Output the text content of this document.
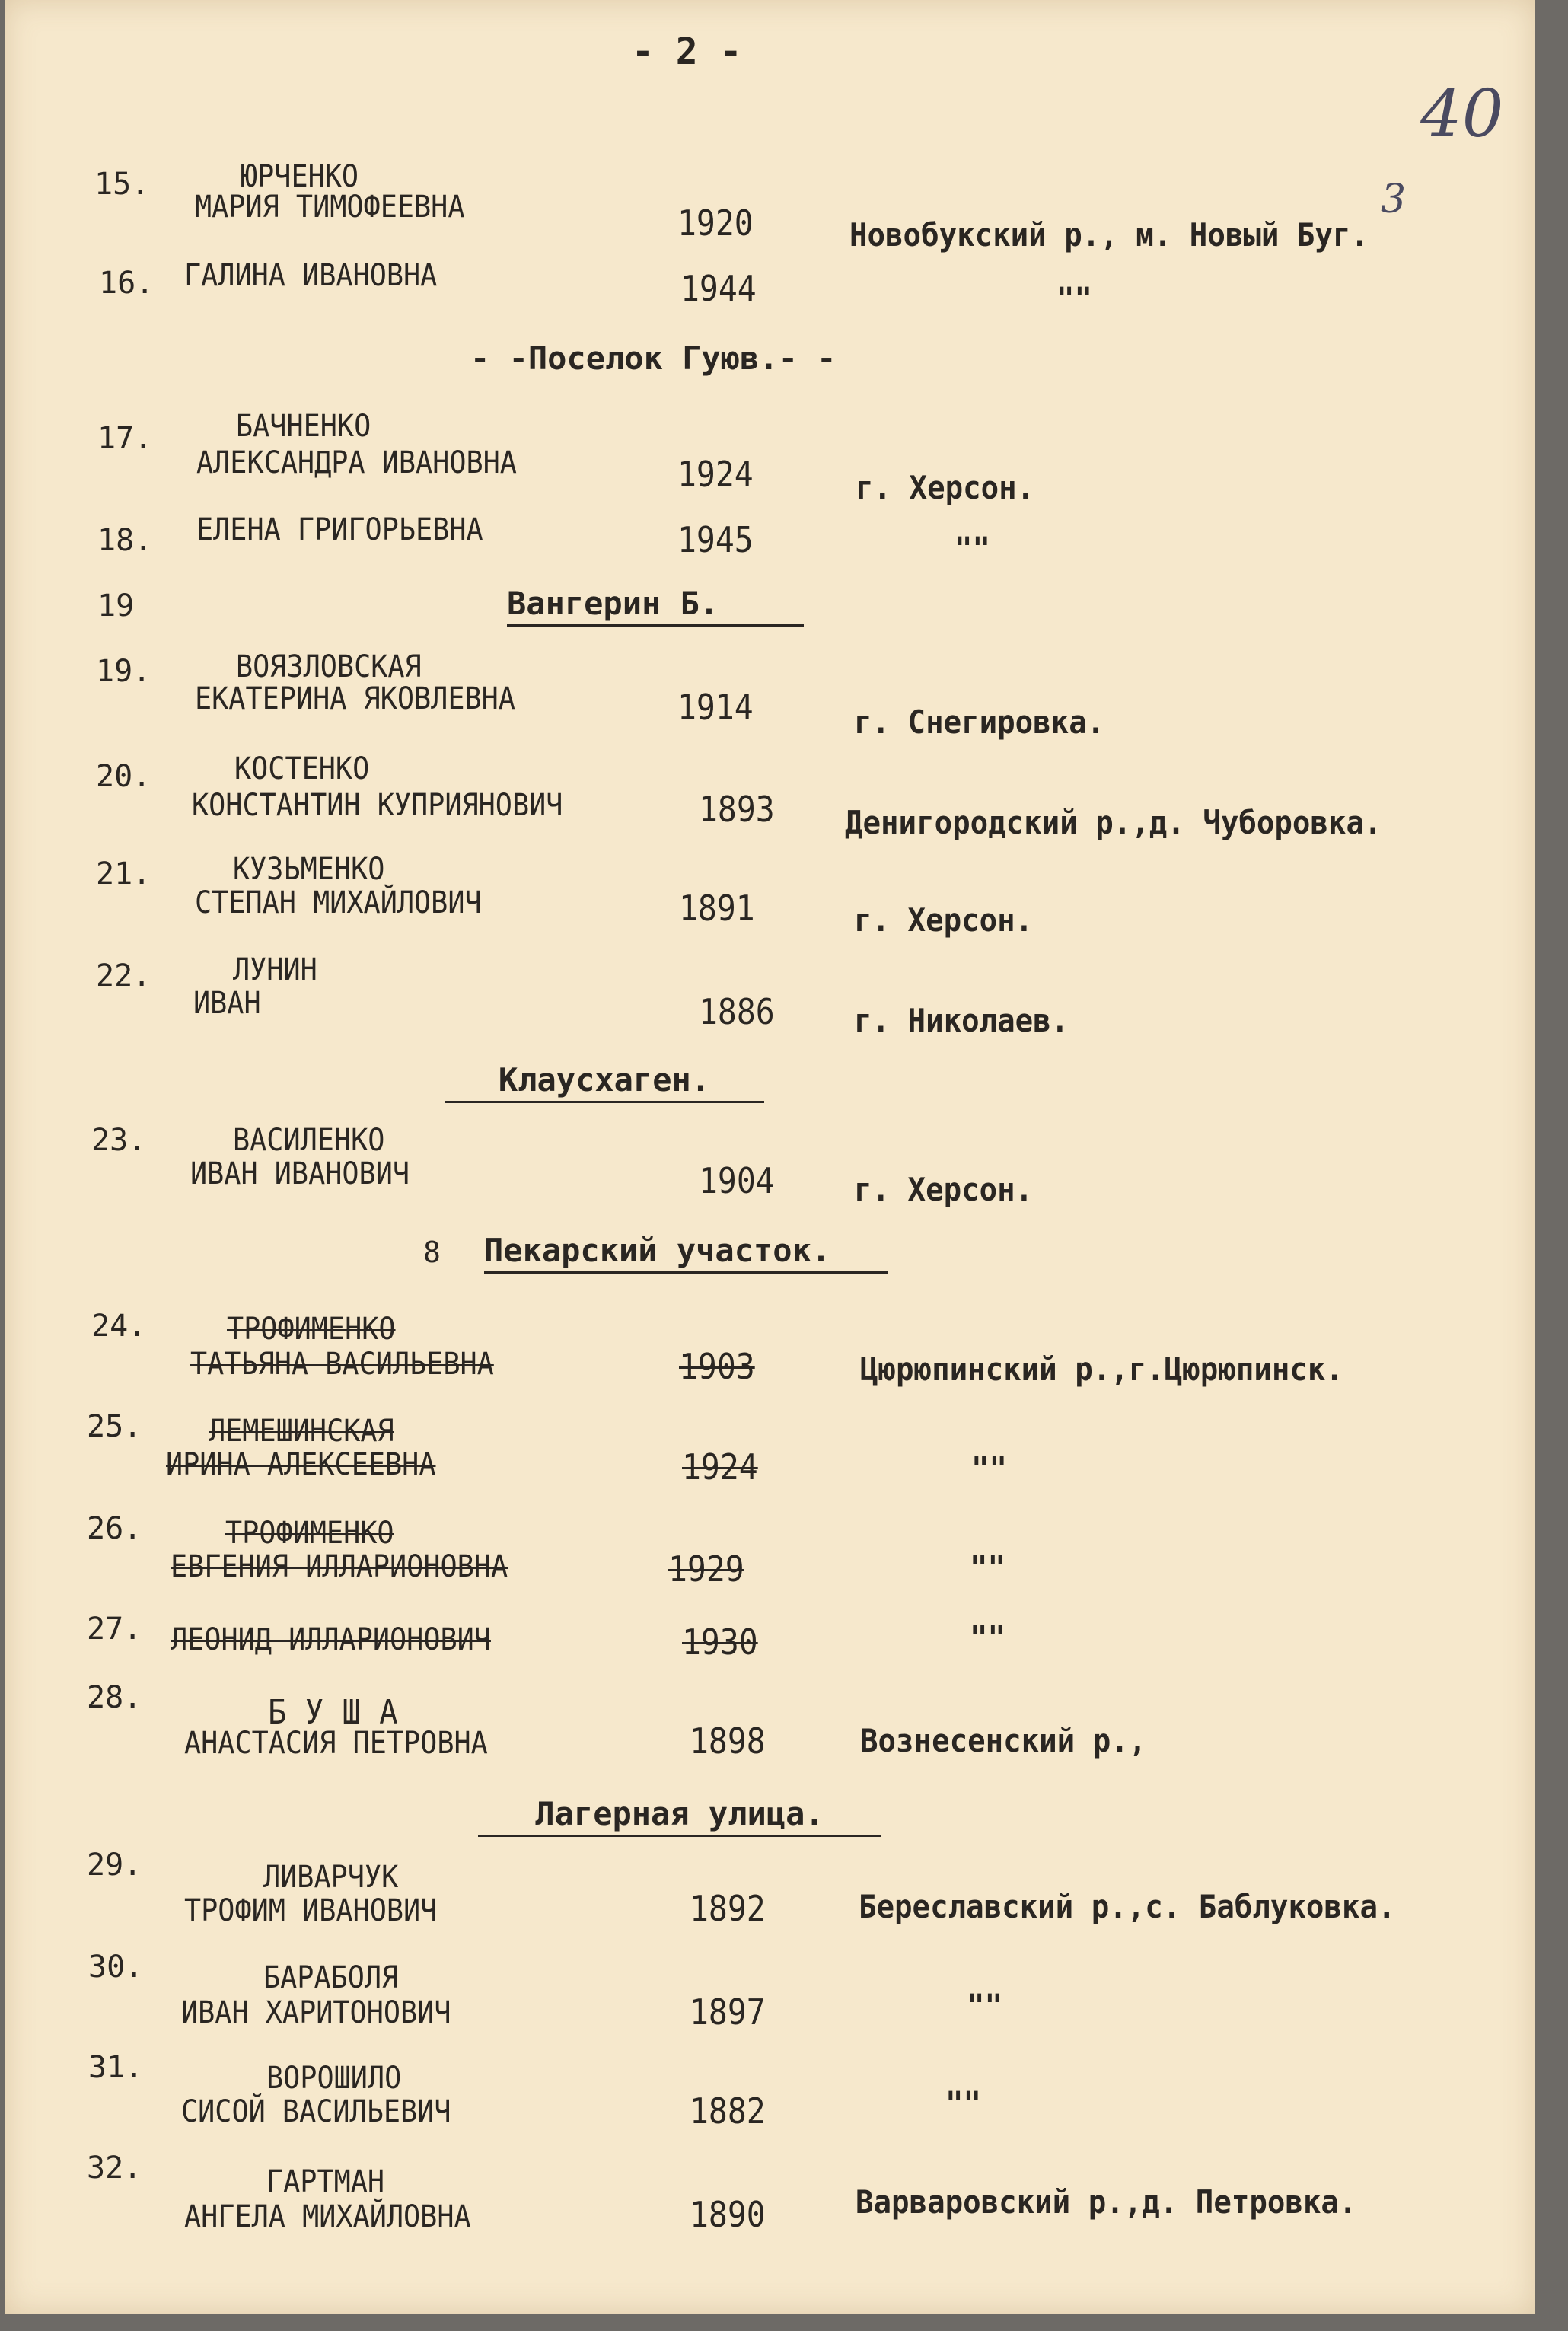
- 2 -
40
3
15.	ЮРЧЕНКО
МАРИЯ ТИМОФЕЕВНА	1920	Новобукский р., м. Новый Буг.
16. ГАЛИНА ИВАНОВНА	1944	""
- -Поселок Гуюв.- -
17.	БАЧНЕНКО
АЛЕКСАНДРА ИВАНОВНА	1924	г. Херсон.
18. ЕЛЕНА ГРИГОРЬЕВНА	1945	""
19	Вангерин Б.
19.	ВОЯЗЛОВСКАЯ
ЕКАТЕРИНА ЯКОВЛЕВНА	1914	г. Снегировка.
20.	КОСТЕНКО
КОНСТАНТИН КУПРИЯНОВИЧ	1893 Денигородский р.,д. Чуборовка.
21.	КУЗЬМЕНКО
СТЕПАН МИХАЙЛОВИЧ	1891	г. Херсон.
22.	ЛУНИН
ИВАН	1886 г. Николаев.
Клаусхаген.
23.	ВАСИЛЕНКО
ИВАН ИВАНОВИЧ	1904 г. Херсон.
8 Пекарский участок.
24.	ТРОФИМЕНКО
ТАТЬЯНА ВАСИЛЬЕВНА	1903	Цюрюпинский р.,г.Цюрюпинск.
25. ЛЕМЕШИНСКАЯ
ИРИНА АЛЕКСЕЕВНА	1924	""
26.	ТРОФИМЕНКО
ЕВГЕНИЯ ИЛЛАРИОНОВНА	1929	""
27. ЛЕОНИД ИЛЛАРИОНОВИЧ	1930	""
28.	Б У Ш А
АНАСТАСИЯ ПЕТРОВНА	1898	Вознесенский р.,
Лагерная улица.
29.	ЛИВАРЧУК
ТРОФИМ ИВАНОВИЧ	1892	Береславский р.,с. Баблуковка.
30.	БАРАБОЛЯ
ИВАН ХАРИТОНОВИЧ	1897	""
31.	ВОРОШИЛО
СИСОЙ ВАСИЛЬЕВИЧ	1882	""
32.	ГАРТМАН
АНГЕЛА МИХАЙЛОВНА	1890	Варваровский р.,д. Петровка.
